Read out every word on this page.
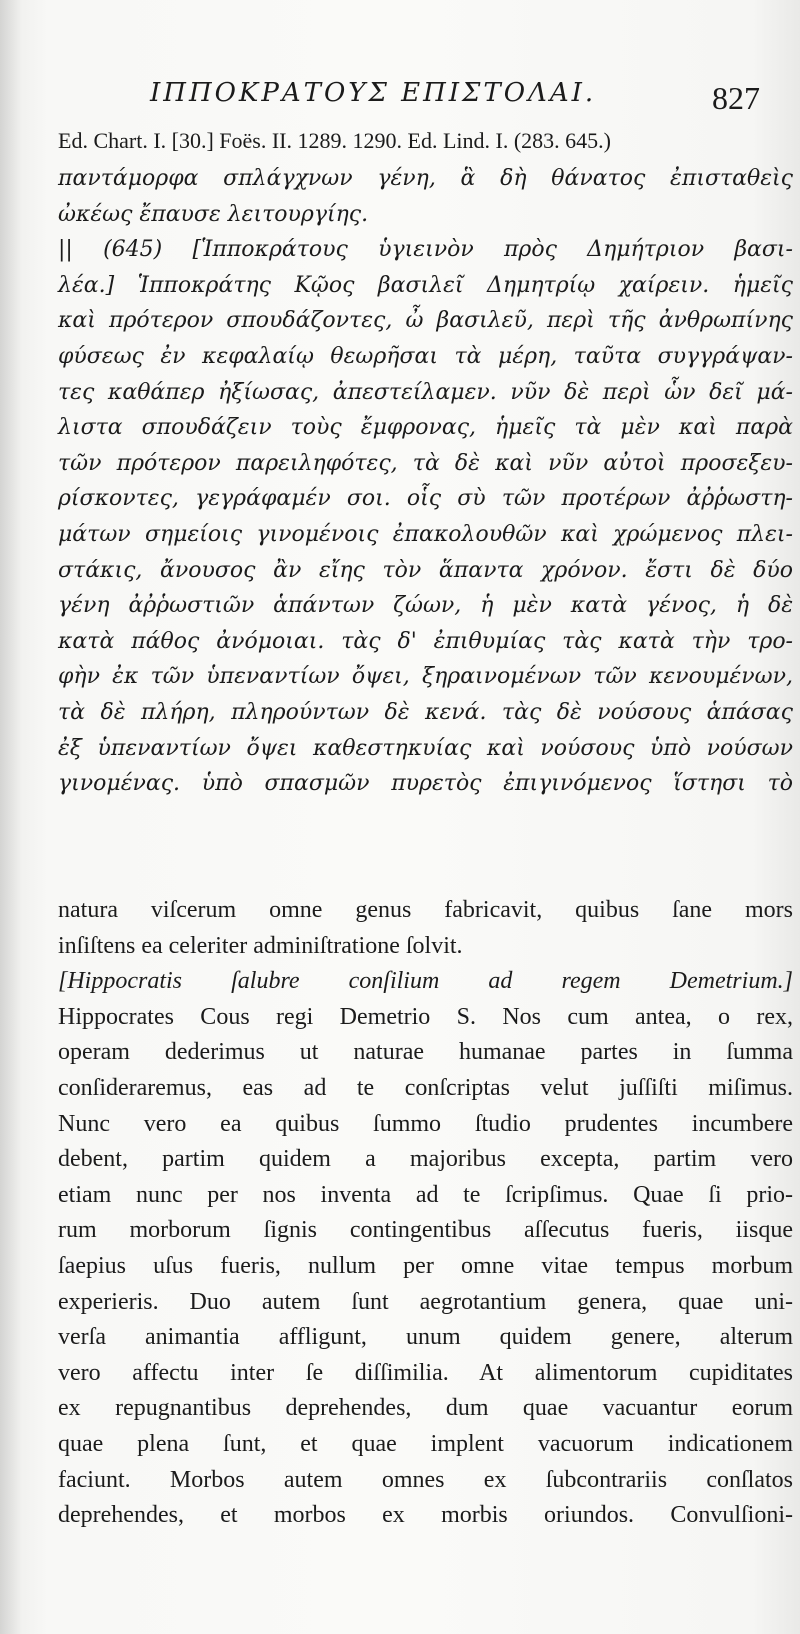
ΙΠΠΟΚΡΑΤΟΥΣ ΕΠΙΣΤΟΛΑΙ.	827
Ed. Chart. I. [30.] Foës. II. 1289. 1290. Ed. Lind. I. (283. 645.)
παντάμορφα σπλάγχνων γένη, ἃ δὴ θάνατος ἐπισταθεὶς
ὠκέως ἔπαυσε λειτουργίης.
|| (645) [Ἱπποκράτους ὑγιεινὸν πρὸς Δημήτριον βασι-
λέα.] Ἱπποκράτης Κῷος βασιλεῖ Δημητρίῳ χαίρειν. ἡμεῖς
καὶ πρότερον σπουδάζοντες, ὦ βασιλεῦ, περὶ τῆς ἀνθρωπίνης
φύσεως ἐν κεφαλαίῳ θεωρῆσαι τὰ μέρη, ταῦτα συγγράψαν-
τες καθάπερ ἠξίωσας, ἀπεστείλαμεν. νῦν δὲ περὶ ὧν δεῖ μά-
λιστα σπουδάζειν τοὺς ἔμφρονας, ἡμεῖς τὰ μὲν καὶ παρὰ
τῶν πρότερον παρειληφότες, τὰ δὲ καὶ νῦν αὐτοὶ προσεξευ-
ρίσκοντες, γεγράφαμέν σοι. οἷς σὺ τῶν προτέρων ἀῤῥωστη-
μάτων σημείοις γινομένοις ἐπακολουθῶν καὶ χρώμενος πλει-
στάκις, ἄνουσος ἂν εἴης τὸν ἅπαντα χρόνον. ἔστι δὲ δύο
γένη ἀῤῥωστιῶν ἁπάντων ζώων, ἡ μὲν κατὰ γένος, ἡ δὲ
κατὰ πάθος ἀνόμοιαι. τὰς δ' ἐπιθυμίας τὰς κατὰ τὴν τρο-
φὴν ἐκ τῶν ὑπεναντίων ὄψει, ξηραινομένων τῶν κενουμένων,
τὰ δὲ πλήρη, πληρούντων δὲ κενά. τὰς δὲ νούσους ἁπάσας
ἐξ ὑπεναντίων ὄψει καθεστηκυίας καὶ νούσους ὑπὸ νούσων
γινομένας. ὑπὸ σπασμῶν πυρετὸς ἐπιγινόμενος ἵστησι τὸ
natura viſcerum omne genus fabricavit, quibus ſane mors
inſiſtens ea celeriter adminiſtratione ſolvit.
[Hippocratis ſalubre conſilium ad regem Demetrium.]
Hippocrates Cous regi Demetrio S. Nos cum antea, o rex,
operam dederimus ut naturae humanae partes in ſumma
conſideraremus, eas ad te conſcriptas velut juſſiſti miſimus.
Nunc vero ea quibus ſummo ſtudio prudentes incumbere
debent, partim quidem a majoribus excepta, partim vero
etiam nunc per nos inventa ad te ſcripſimus. Quae ſi prio-
rum morborum ſignis contingentibus aſſecutus fueris, iisque
ſaepius uſus fueris, nullum per omne vitae tempus morbum
experieris. Duo autem ſunt aegrotantium genera, quae uni-
verſa animantia affligunt, unum quidem genere, alterum
vero affectu inter ſe diſſimilia. At alimentorum cupiditates
ex repugnantibus deprehendes, dum quae vacuantur eorum
quae plena ſunt, et quae implent vacuorum indicationem
faciunt. Morbos autem omnes ex ſubcontrariis conſlatos
deprehendes, et morbos ex morbis oriundos. Convulſioni-
